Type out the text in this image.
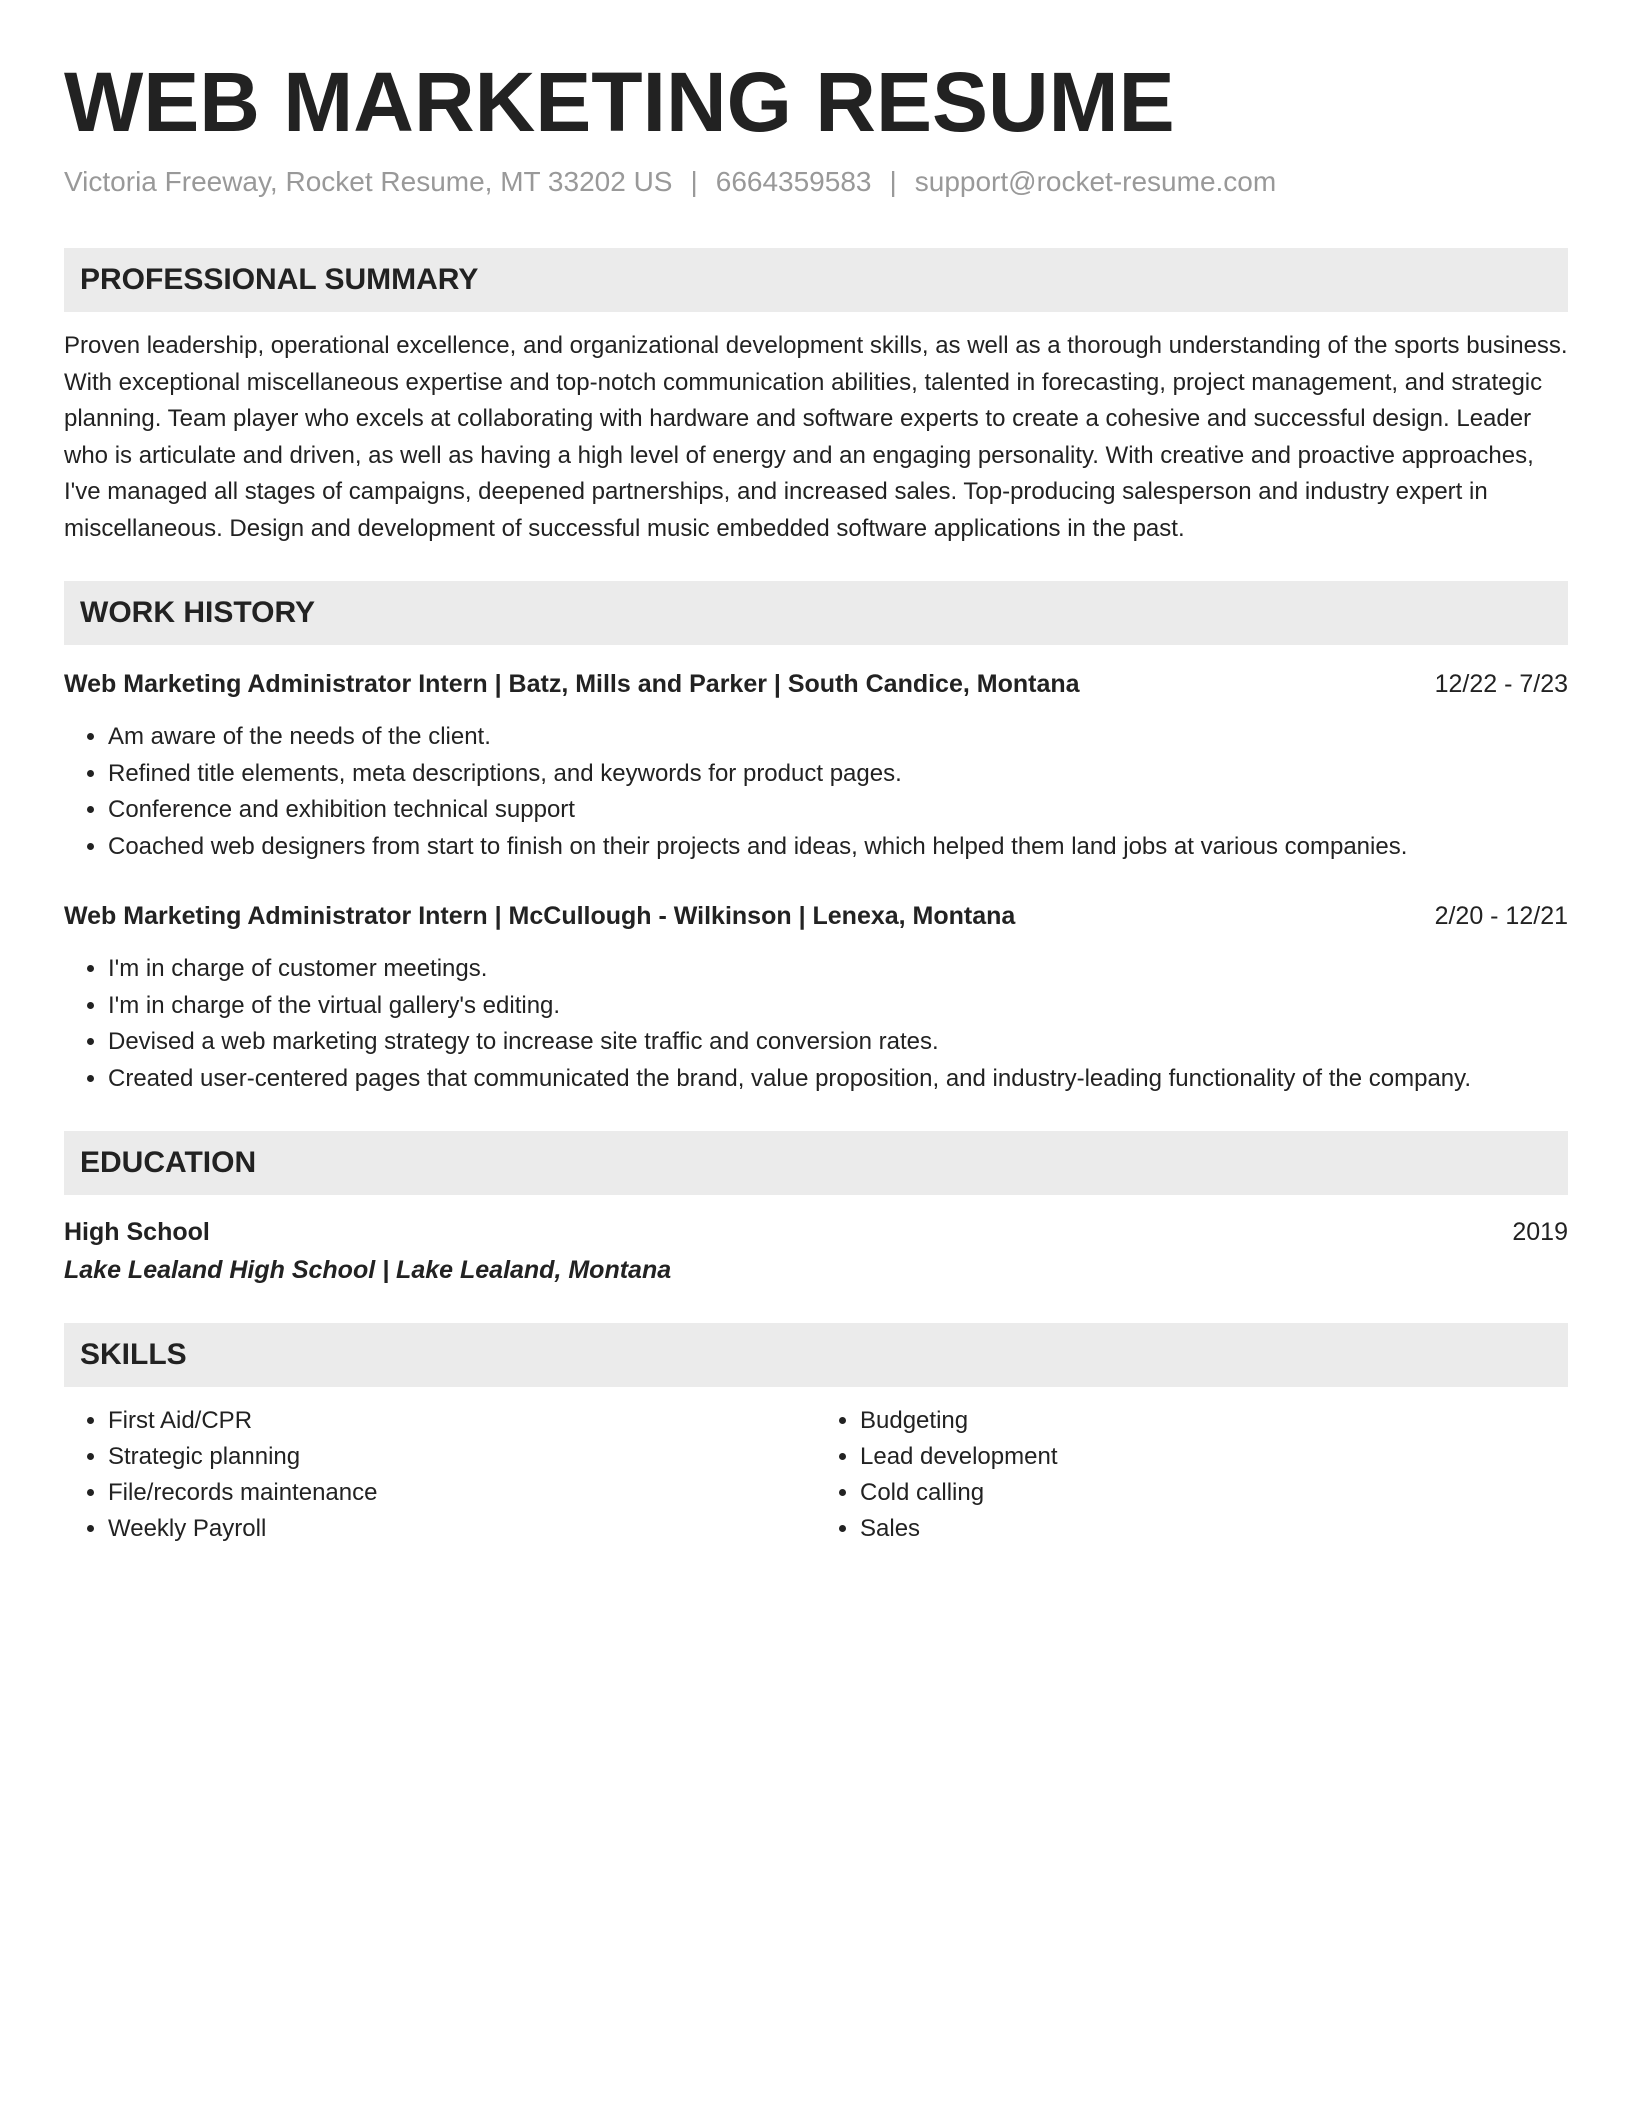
WEB MARKETING RESUME
Victoria Freeway, Rocket Resume, MT 33202 US | 6664359583 | support@rocket-resume.com
PROFESSIONAL SUMMARY
Proven leadership, operational excellence, and organizational development skills, as well as a thorough understanding of the sports business. With exceptional miscellaneous expertise and top-notch communication abilities, talented in forecasting, project management, and strategic planning. Team player who excels at collaborating with hardware and software experts to create a cohesive and successful design. Leader who is articulate and driven, as well as having a high level of energy and an engaging personality. With creative and proactive approaches, I've managed all stages of campaigns, deepened partnerships, and increased sales. Top-producing salesperson and industry expert in miscellaneous. Design and development of successful music embedded software applications in the past.
WORK HISTORY
Web Marketing Administrator Intern | Batz, Mills and Parker | South Candice, Montana	12/22 - 7/23
• Am aware of the needs of the client.
• Refined title elements, meta descriptions, and keywords for product pages.
• Conference and exhibition technical support
• Coached web designers from start to finish on their projects and ideas, which helped them land jobs at various companies.
Web Marketing Administrator Intern | McCullough - Wilkinson | Lenexa, Montana	2/20 - 12/21
• I'm in charge of customer meetings.
• I'm in charge of the virtual gallery's editing.
• Devised a web marketing strategy to increase site traffic and conversion rates.
• Created user-centered pages that communicated the brand, value proposition, and industry-leading functionality of the company.
EDUCATION
High School	2019
Lake Lealand High School | Lake Lealand, Montana
SKILLS
• First Aid/CPR
• Strategic planning
• File/records maintenance
• Weekly Payroll
• Budgeting
• Lead development
• Cold calling
• Sales
